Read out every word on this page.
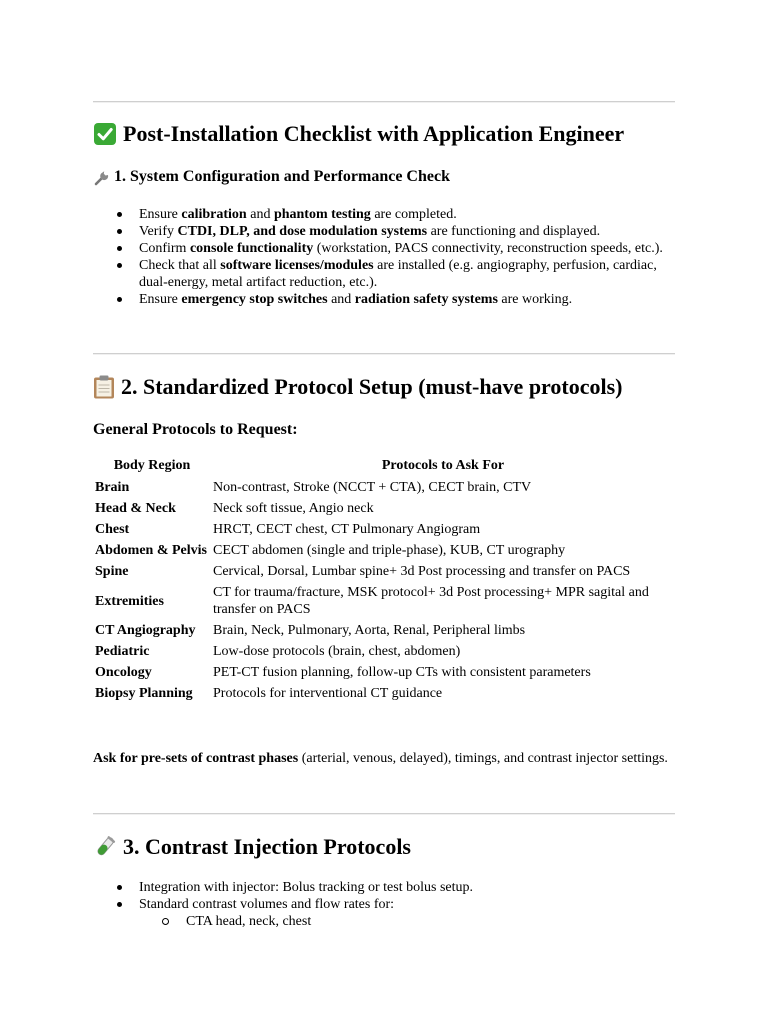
Post-Installation Checklist with Application Engineer
1. System Configuration and Performance Check
Ensure calibration and phantom testing are completed.
Verify CTDI, DLP, and dose modulation systems are functioning and displayed.
Confirm console functionality (workstation, PACS connectivity, reconstruction speeds, etc.).
Check that all software licenses/modules are installed (e.g. angiography, perfusion, cardiac, dual-energy, metal artifact reduction, etc.).
Ensure emergency stop switches and radiation safety systems are working.
2. Standardized Protocol Setup (must-have protocols)
General Protocols to Request:
Body Region	Protocols to Ask For
Brain	Non-contrast, Stroke (NCCT + CTA), CECT brain, CTV
Head & Neck	Neck soft tissue, Angio neck
Chest	HRCT, CECT chest, CT Pulmonary Angiogram
Abdomen & Pelvis	CECT abdomen (single and triple-phase), KUB, CT urography
Spine	Cervical, Dorsal, Lumbar spine+ 3d Post processing and transfer on PACS
Extremities	CT for trauma/fracture, MSK protocol+ 3d Post processing+ MPR sagital and transfer on PACS
CT Angiography	Brain, Neck, Pulmonary, Aorta, Renal, Peripheral limbs
Pediatric	Low-dose protocols (brain, chest, abdomen)
Oncology	PET-CT fusion planning, follow-up CTs with consistent parameters
Biopsy Planning	Protocols for interventional CT guidance

Ask for pre-sets of contrast phases (arterial, venous, delayed), timings, and contrast injector settings.

3. Contrast Injection Protocols
Integration with injector: Bolus tracking or test bolus setup.
Standard contrast volumes and flow rates for:
CTA head, neck, chest
